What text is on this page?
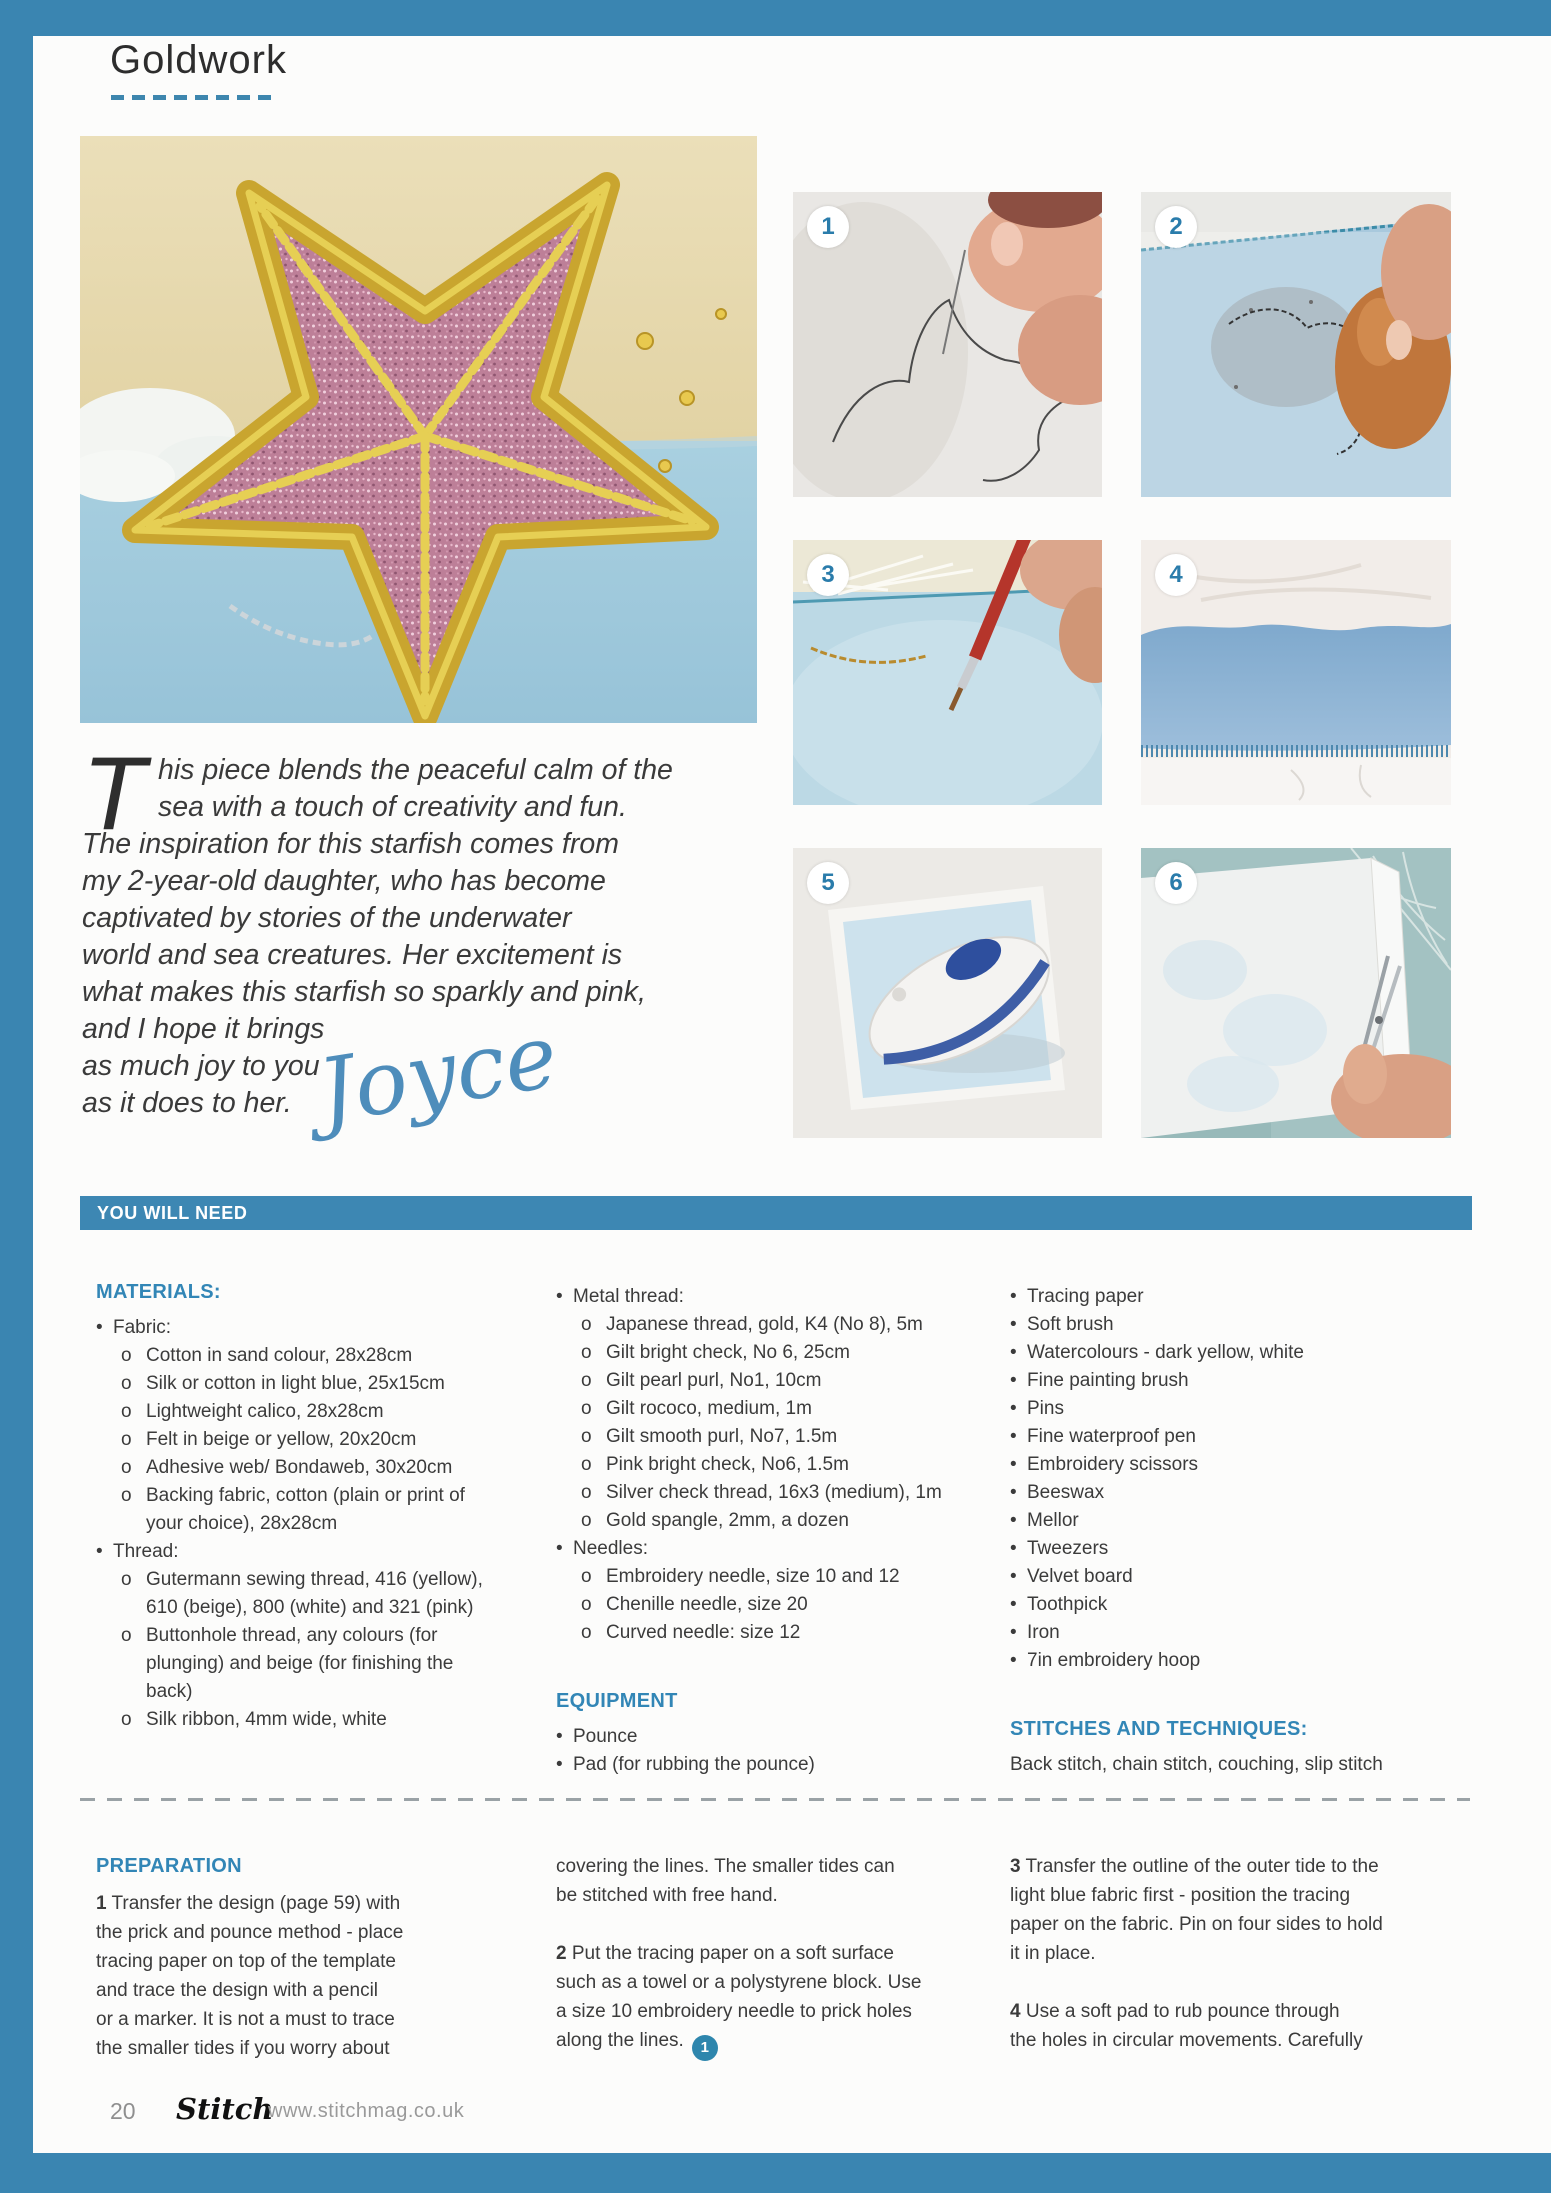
Goldwork
1	2
3	4
5	6
T his piece blends the peaceful calm of the
sea with a touch of creativity and fun.
The inspiration for this starfish comes from
my 2-year-old daughter, who has become
captivated by stories of the underwater
world and sea creatures. Her excitement is
what makes this starfish so sparkly and pink,
and I hope it brings
as much joy to you
as it does to her. Joyce
YOU WILL NEED
MATERIALS:
• Fabric:
o Cotton in sand colour, 28x28cm
o Silk or cotton in light blue, 25x15cm
o Lightweight calico, 28x28cm
o Felt in beige or yellow, 20x20cm
o Adhesive web/ Bondaweb, 30x20cm
o Backing fabric, cotton (plain or print of your choice), 28x28cm
• Thread:
o Gutermann sewing thread, 416 (yellow), 610 (beige), 800 (white) and 321 (pink)
o Buttonhole thread, any colours (for plunging) and beige (for finishing the back)
o Silk ribbon, 4mm wide, white
• Metal thread:
o Japanese thread, gold, K4 (No 8), 5m
o Gilt bright check, No 6, 25cm
o Gilt pearl purl, No1, 10cm
o Gilt rococo, medium, 1m
o Gilt smooth purl, No7, 1.5m
o Pink bright check, No6, 1.5m
o Silver check thread, 16x3 (medium), 1m
o Gold spangle, 2mm, a dozen
• Needles:
o Embroidery needle, size 10 and 12
o Chenille needle, size 20
o Curved needle: size 12
EQUIPMENT
• Pounce
• Pad (for rubbing the pounce)
• Tracing paper
• Soft brush
• Watercolours - dark yellow, white
• Fine painting brush
• Pins
• Fine waterproof pen
• Embroidery scissors
• Beeswax
• Mellor
• Tweezers
• Velvet board
• Toothpick
• Iron
• 7in embroidery hoop
STITCHES AND TECHNIQUES:
Back stitch, chain stitch, couching, slip stitch
PREPARATION
1 Transfer the design (page 59) with
the prick and pounce method - place
tracing paper on top of the template
and trace the design with a pencil
or a marker. It is not a must to trace
the smaller tides if you worry about
covering the lines. The smaller tides can
be stitched with free hand.
2 Put the tracing paper on a soft surface
such as a towel or a polystyrene block. Use
a size 10 embroidery needle to prick holes
along the lines. 1
3 Transfer the outline of the outer tide to the
light blue fabric first - position the tracing
paper on the fabric. Pin on four sides to hold
it in place.
4 Use a soft pad to rub pounce through
the holes in circular movements. Carefully
20 Stitch
www.stitchmag.co.uk
